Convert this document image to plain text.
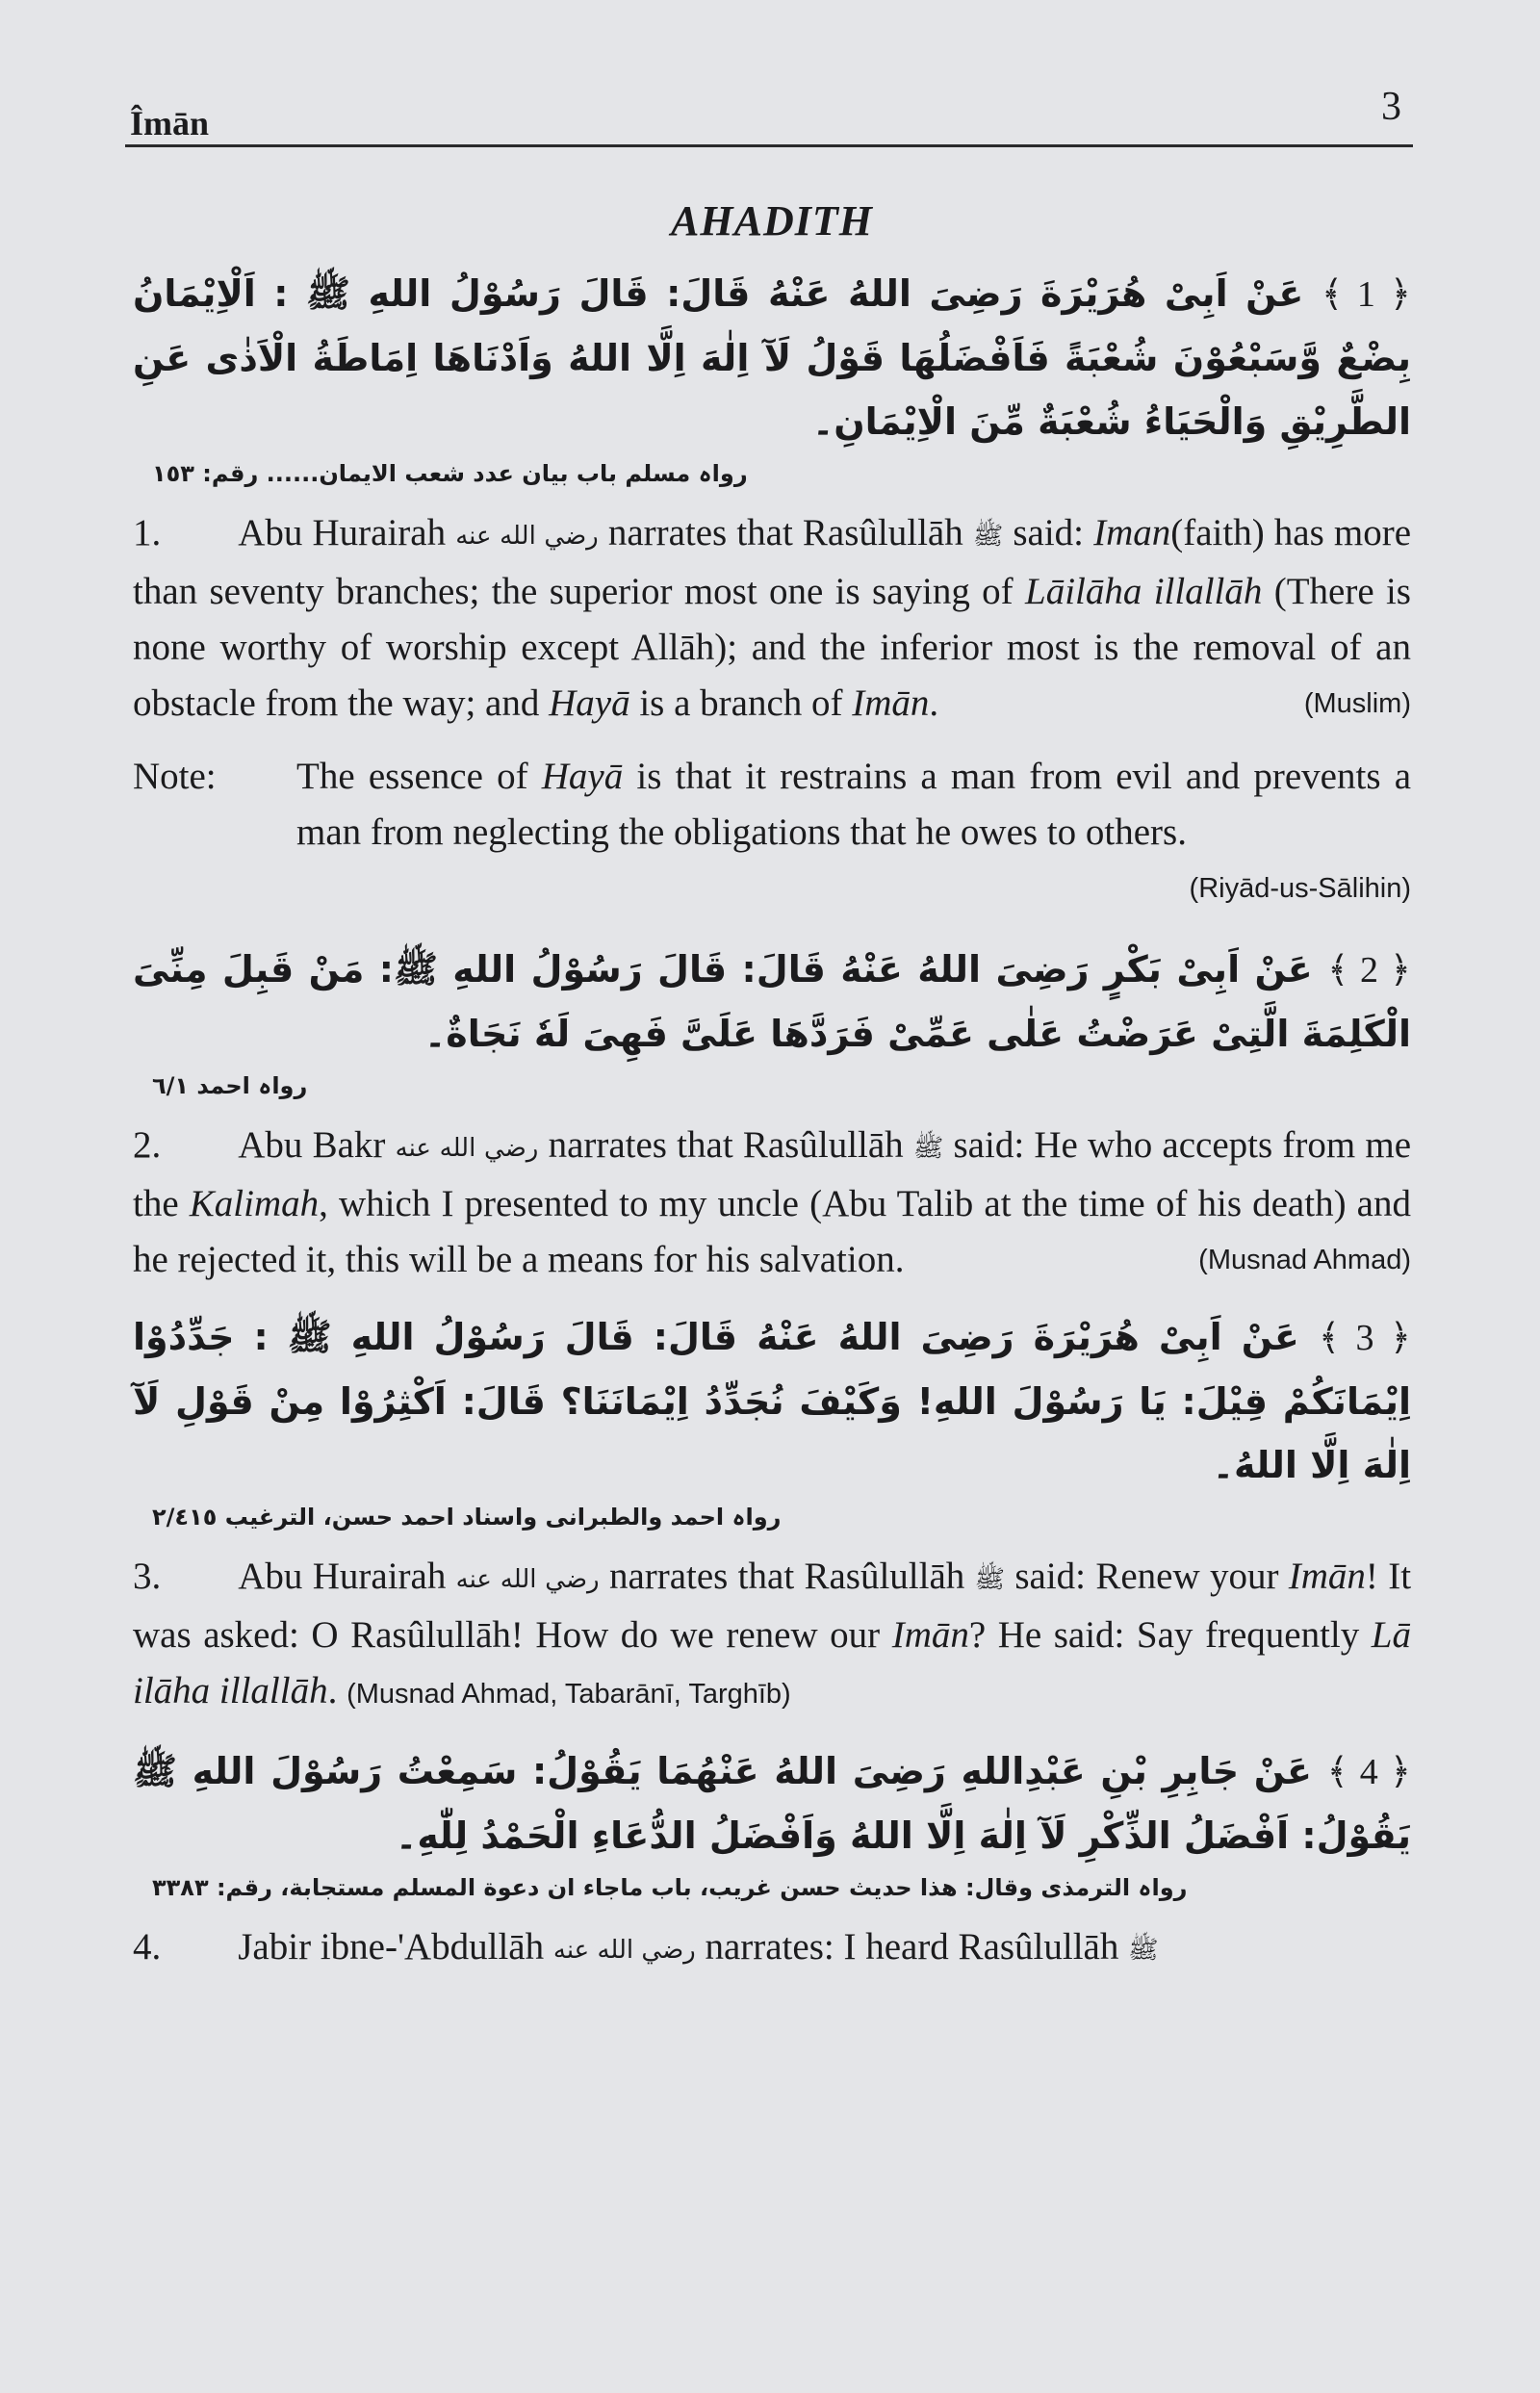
Îmān	3
AHADITH

﴿ 1 ﴾ عَنْ اَبِیْ هُرَیْرَةَ رَضِیَ اللهُ عَنْهُ قَالَ: قَالَ رَسُوْلُ اللهِ ﷺ : اَلْاِیْمَانُ بِضْعٌ وَّسَبْعُوْنَ شُعْبَةً فَاَفْضَلُهَا قَوْلُ لَآ اِلٰهَ اِلَّا اللهُ وَاَدْنَاهَا اِمَاطَةُ الْاَذٰی عَنِ الطَّرِیْقِ وَالْحَیَاءُ شُعْبَةٌ مِّنَ الْاِیْمَانِ۔

رواہ مسلم باب بیان عدد شعب الایمان...... رقم: ١٥٣
1. Abu Hurairah رضي الله عنه narrates that Rasûlullāh ﷺ said: Iman(faith) has more than seventy branches; the superior most one is saying of Lāilāha illallāh (There is none worthy of worship except Allāh); and the inferior most is the removal of an obstacle from the way; and Hayā is a branch of Imān.	(Muslim)
Note:	The essence of Hayā is that it restrains a man from evil and prevents a man from neglecting the obligations that he owes to others.
(Riyād-us-Sālihin)

﴿ 2 ﴾ عَنْ اَبِیْ بَكْرٍ رَضِیَ اللهُ عَنْهُ قَالَ: قَالَ رَسُوْلُ اللهِ ﷺ: مَنْ قَبِلَ مِنِّیَ الْكَلِمَةَ الَّتِیْ عَرَضْتُ عَلٰی عَمِّیْ فَرَدَّهَا عَلَیَّ فَهِیَ لَهٗ نَجَاةٌ۔

رواہ احمد ٦/١
2. Abu Bakr رضي الله عنه narrates that Rasûlullāh ﷺ said: He who accepts from me the Kalimah, which I presented to my uncle (Abu Talib at the time of his death) and he rejected it, this will be a means for his salvation.	(Musnad Ahmad)

﴿ 3 ﴾ عَنْ اَبِیْ هُرَیْرَةَ رَضِیَ اللهُ عَنْهُ قَالَ: قَالَ رَسُوْلُ اللهِ ﷺ : جَدِّدُوْا اِیْمَانَكُمْ قِیْلَ: یَا رَسُوْلَ اللهِ! وَكَیْفَ نُجَدِّدُ اِیْمَانَنَا؟ قَالَ: اَكْثِرُوْا مِنْ قَوْلِ لَآ اِلٰهَ اِلَّا اللهُ۔

رواہ احمد والطبرانی واسناد احمد حسن، الترغیب ٢/٤١٥
3. Abu Hurairah رضي الله عنه narrates that Rasûlullāh ﷺ said: Renew your Imān! It was asked: O Rasûlullāh! How do we renew our Imān? He said: Say frequently Lā ilāha illallāh. (Musnad Ahmad, Tabarānī, Targhīb)

﴿ 4 ﴾ عَنْ جَابِرِ بْنِ عَبْدِاللهِ رَضِیَ اللهُ عَنْهُمَا یَقُوْلُ: سَمِعْتُ رَسُوْلَ اللهِ ﷺ یَقُوْلُ: اَفْضَلُ الذِّكْرِ لَآ اِلٰهَ اِلَّا اللهُ وَاَفْضَلُ الدُّعَاءِ الْحَمْدُ لِلّٰهِ۔

رواہ الترمذی وقال: هذا حدیث حسن غریب، باب ماجاء ان دعوة المسلم مستجابة، رقم: ٣٣٨٣
4. Jabir ibne-'Abdullāh رضي الله عنه narrates: I heard Rasûlullāh ﷺ
